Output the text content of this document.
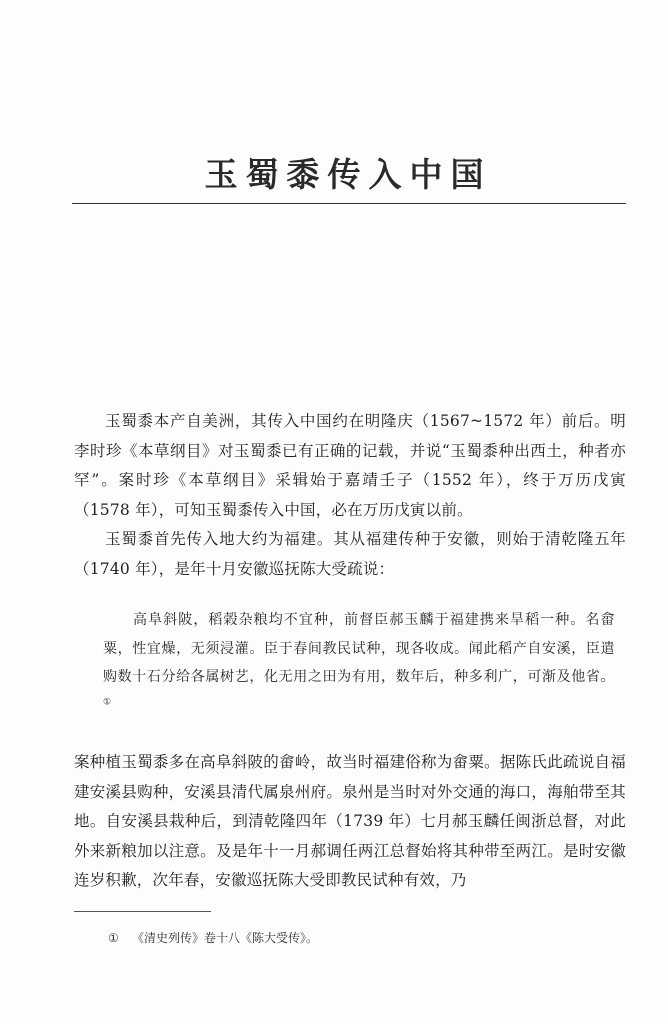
玉蜀黍传入中国

玉蜀黍本产自美洲，其传入中国约在明隆庆（1567~1572 年）前后。明李时珍《本草纲目》对玉蜀黍已有正确的记载，并说“玉蜀黍种出西土，种者亦罕”。案时珍《本草纲目》采辑始于嘉靖壬子（1552 年），终于万历戊寅（1578 年），可知玉蜀黍传入中国，必在万历戊寅以前。

玉蜀黍首先传入地大约为福建。其从福建传种于安徽，则始于清乾隆五年（1740 年），是年十月安徽巡抚陈大受疏说：

高阜斜陂，稻榖杂粮均不宜种，前督臣郝玉麟于福建携来旱稻一种。名畲粟，性宜燥，无须浸灌。臣于春间教民试种，现各收成。闻此稻产自安溪，臣遣购数十石分给各属树艺，化无用之田为有用，数年后，种多利广，可渐及他省。①

案种植玉蜀黍多在高阜斜陂的畲岭，故当时福建俗称为畲粟。据陈氏此疏说自福建安溪县购种，安溪县清代属泉州府。泉州是当时对外交通的海口，海舶带至其地。自安溪县栽种后，到清乾隆四年（1739 年）七月郝玉麟任闽浙总督，对此外来新粮加以注意。及是年十一月郝调任两江总督始将其种带至两江。是时安徽连岁积歉，次年春，安徽巡抚陈大受即教民试种有效，乃

① 《清史列传》卷十八《陈大受传》。
